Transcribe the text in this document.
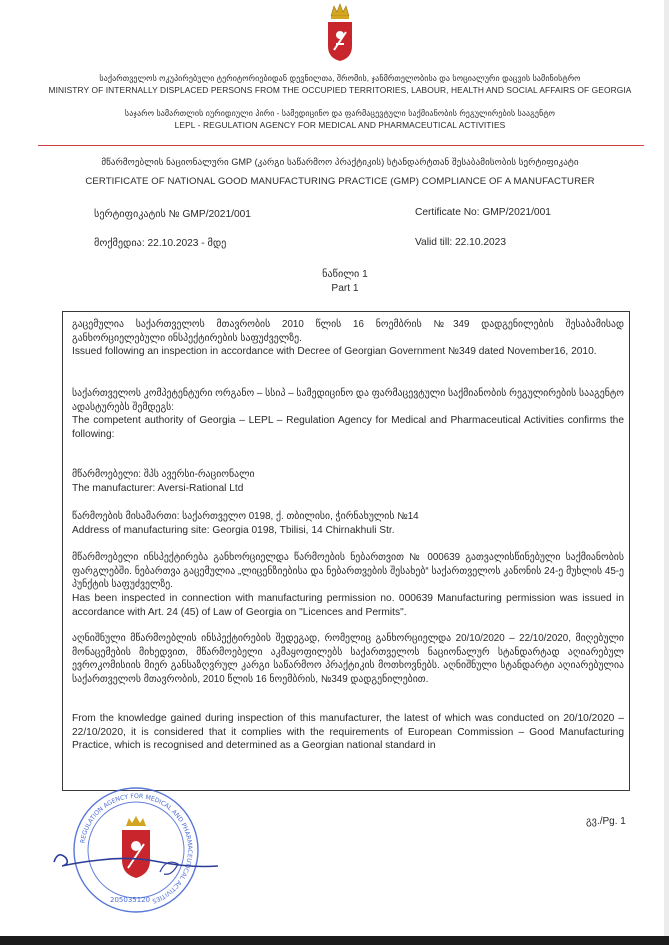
საქართველოს ოკუპირებული ტერიტორიებიდან დევნილთა, შრომის, ჯანმრთელობისა და სოციალური დაცვის სამინისტრო
MINISTRY OF INTERNALLY DISPLACED PERSONS FROM THE OCCUPIED TERRITORIES, LABOUR, HEALTH AND SOCIAL AFFAIRS OF GEORGIA
საჯარო სამართლის იურიდიული პირი - სამედიცინო და ფარმაცევტული საქმიანობის რეგულირების სააგენტო
LEPL - REGULATION AGENCY FOR MEDICAL AND PHARMACEUTICAL ACTIVITIES
მწარმოებლის ნაციონალური GMP (კარგი საწარმოო პრაქტიკის) სტანდარტთან შესაბამისობის სერტიფიკატი
CERTIFICATE OF NATIONAL GOOD MANUFACTURING PRACTICE (GMP) COMPLIANCE OF A MANUFACTURER
სერტიფიკატის № GMP/2021/001	Certificate No: GMP/2021/001
მოქმედია: 22.10.2023 - მდე	Valid till: 22.10.2023
ნაწილი 1
Part 1
გაცემულია საქართველოს მთავრობის 2010 წლის 16 ნოემბრის №349 დადგენილების შესაბამისად განხორციელებული ინსპექტირების საფუძველზე.
Issued following an inspection in accordance with Decree of Georgian Government №349 dated November16, 2010.
საქართველოს კომპეტენტური ორგანო – სსიპ – სამედიცინო და ფარმაცევტული საქმიანობის რეგულირების სააგენტო ადასტურებს შემდეგს:
The competent authority of Georgia – LEPL – Regulation Agency for Medical and Pharmaceutical Activities confirms the following:
მწარმოებელი: შპს ავერსი-რაციონალი
The manufacturer: Aversi-Rational Ltd
წარმოების მისამართი: საქართველო 0198, ქ. თბილისი, ჭირნახულის №14
Address of manufacturing site: Georgia 0198, Tbilisi, 14 Chirnakhuli Str.
მწარმოებელი ინსპექტირება განხორციელდა წარმოების ნებართვით № 000639 გათვალისწინებული საქმიანობის ფარგლებში. ნებართვა გაცემულია „ლიცენზიებისა და ნებართვების შესახებ“ საქართველოს კანონის 24-ე მუხლის 45-ე პუნქტის საფუძველზე.
Has been inspected in connection with manufacturing permission no. 000639 Manufacturing permission was issued in accordance with Art. 24 (45) of Law of Georgia on "Licences and Permits".
აღნიშნული მწარმოებლის ინსპექტირების შედეგად, რომელიც განხორციელდა 20/10/2020 – 22/10/2020, მიღებული მონაცემების მიხედვით, მწარმოებელი აკმაყოფილებს საქართველოს ნაციონალურ სტანდარტად აღიარებულ ევროკომისიის მიერ განსაზღვრულ კარგი საწარმოო პრაქტიკის მოთხოვნებს. აღნიშნული სტანდარტი აღიარებულია საქართველოს მთავრობის, 2010 წლის 16 ნოემბრის, №349 დადგენილებით.
From the knowledge gained during inspection of this manufacturer, the latest of which was conducted on 20/10/2020 – 22/10/2020, it is considered that it complies with the requirements of European Commission – Good Manufacturing Practice, which is recognised and determined as a Georgian national standard in
გვ./Pg. 1
REGULATION AGENCY FOR MEDICAL AND PHARMACEUTICAL ACTIVITIES
205035120
